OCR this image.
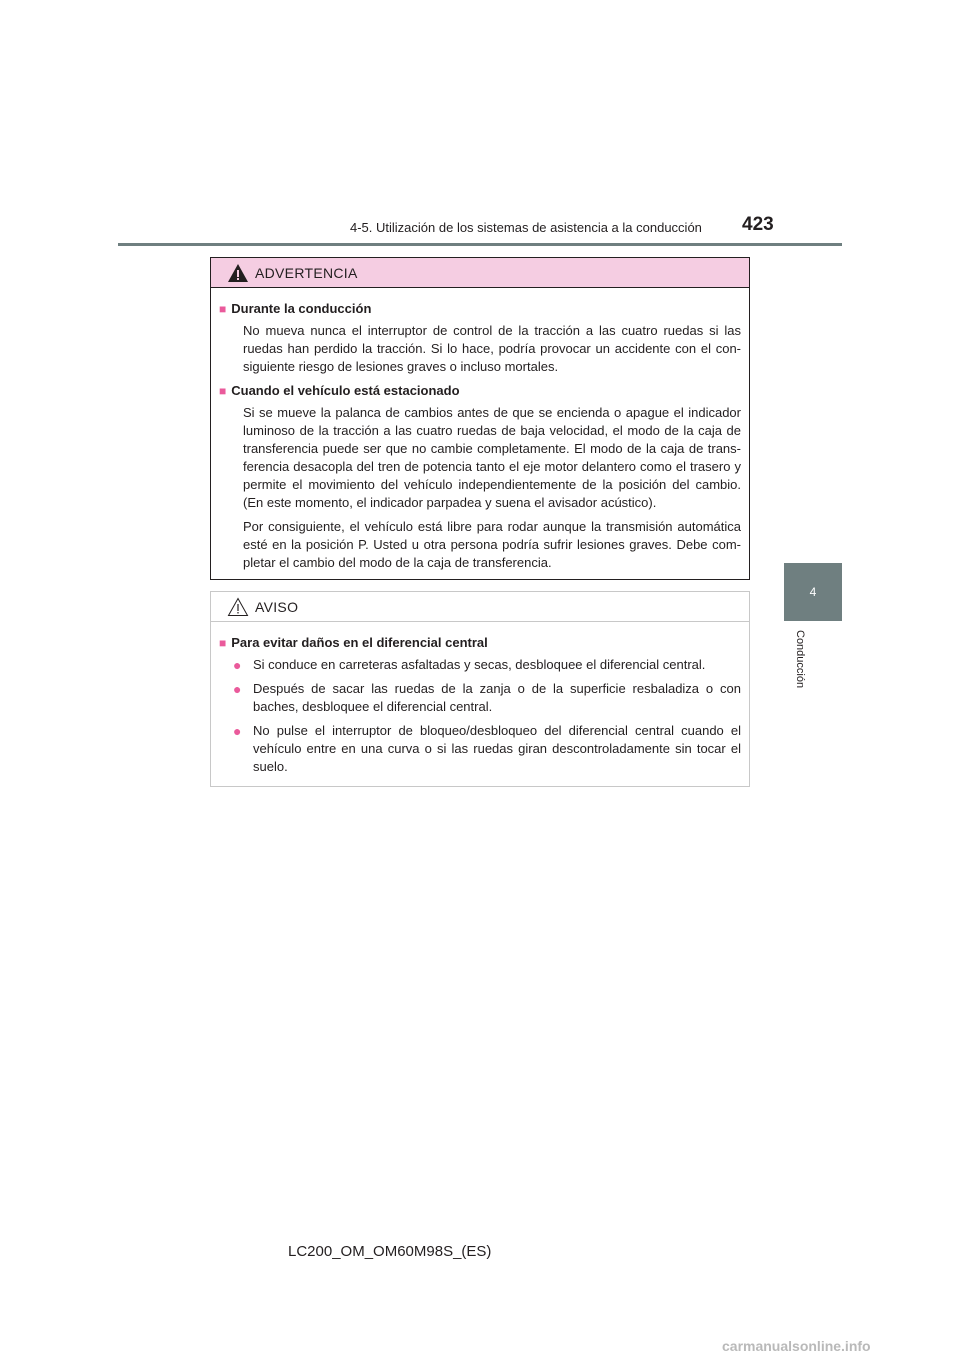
4-5. Utilización de los sistemas de asistencia a la conducción 423
4
Conducción
ADVERTENCIA

■ Durante la conducción

No mueva nunca el interruptor de control de la tracción a las cuatro ruedas si las ruedas han perdido la tracción. Si lo hace, podría provocar un accidente con el con-siguiente riesgo de lesiones graves o incluso mortales.

■ Cuando el vehículo está estacionado

Si se mueve la palanca de cambios antes de que se encienda o apague el indicador luminoso de la tracción a las cuatro ruedas de baja velocidad, el modo de la caja de transferencia puede ser que no cambie completamente. El modo de la caja de trans-ferencia desacopla del tren de potencia tanto el eje motor delantero como el trasero y permite el movimiento del vehículo independientemente de la posición del cambio. (En este momento, el indicador parpadea y suena el avisador acústico).

Por consiguiente, el vehículo está libre para rodar aunque la transmisión automática esté en la posición P. Usted u otra persona podría sufrir lesiones graves. Debe com-pletar el cambio del modo de la caja de transferencia.

AVISO

■ Para evitar daños en el diferencial central

● Si conduce en carreteras asfaltadas y secas, desbloquee el diferencial central.

● Después de sacar las ruedas de la zanja o de la superficie resbaladiza o con baches, desbloquee el diferencial central.

● No pulse el interruptor de bloqueo/desbloqueo del diferencial central cuando el vehículo entre en una curva o si las ruedas giran descontroladamente sin tocar el suelo.

LC200_OM_OM60M98S_(ES)
carmanualsonline.info
